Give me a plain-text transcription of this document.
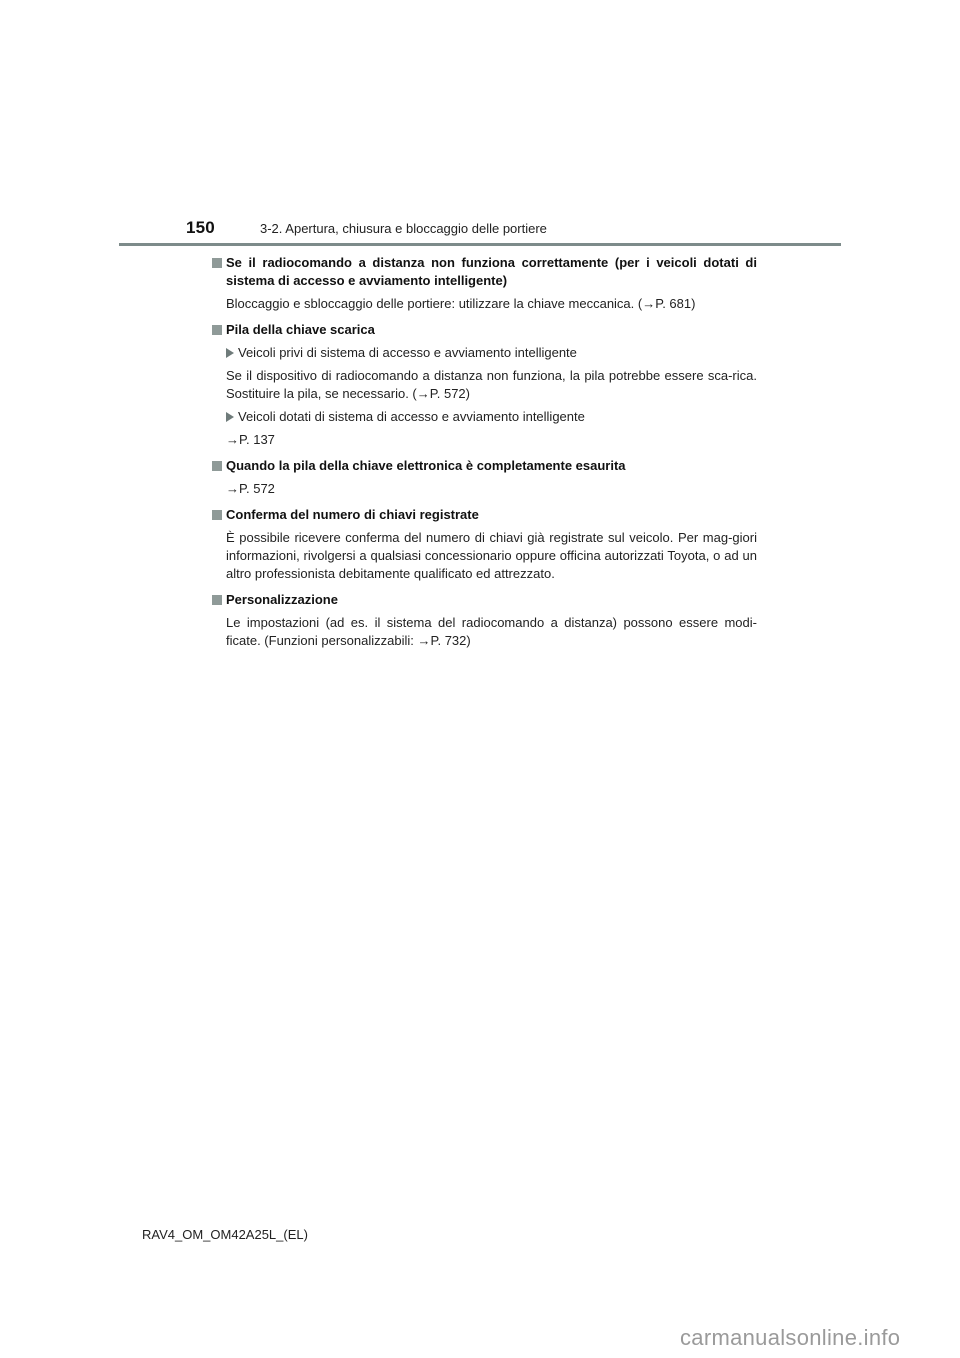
150	3-2. Apertura, chiusura e bloccaggio delle portiere
Se il radiocomando a distanza non funziona correttamente (per i veicoli dotati di sistema di accesso e avviamento intelligente)
Bloccaggio e sbloccaggio delle portiere: utilizzare la chiave meccanica. (→P. 681)
Pila della chiave scarica
Veicoli privi di sistema di accesso e avviamento intelligente
Se il dispositivo di radiocomando a distanza non funziona, la pila potrebbe essere sca-rica. Sostituire la pila, se necessario. (→P. 572)
Veicoli dotati di sistema di accesso e avviamento intelligente
→P. 137
Quando la pila della chiave elettronica è completamente esaurita
→P. 572
Conferma del numero di chiavi registrate
È possibile ricevere conferma del numero di chiavi già registrate sul veicolo. Per mag-giori informazioni, rivolgersi a qualsiasi concessionario oppure officina autorizzati Toyota, o ad un altro professionista debitamente qualificato ed attrezzato.
Personalizzazione
Le impostazioni (ad es. il sistema del radiocomando a distanza) possono essere modi-ficate. (Funzioni personalizzabili: →P. 732)
RAV4_OM_OM42A25L_(EL)
carmanualsonline.info
